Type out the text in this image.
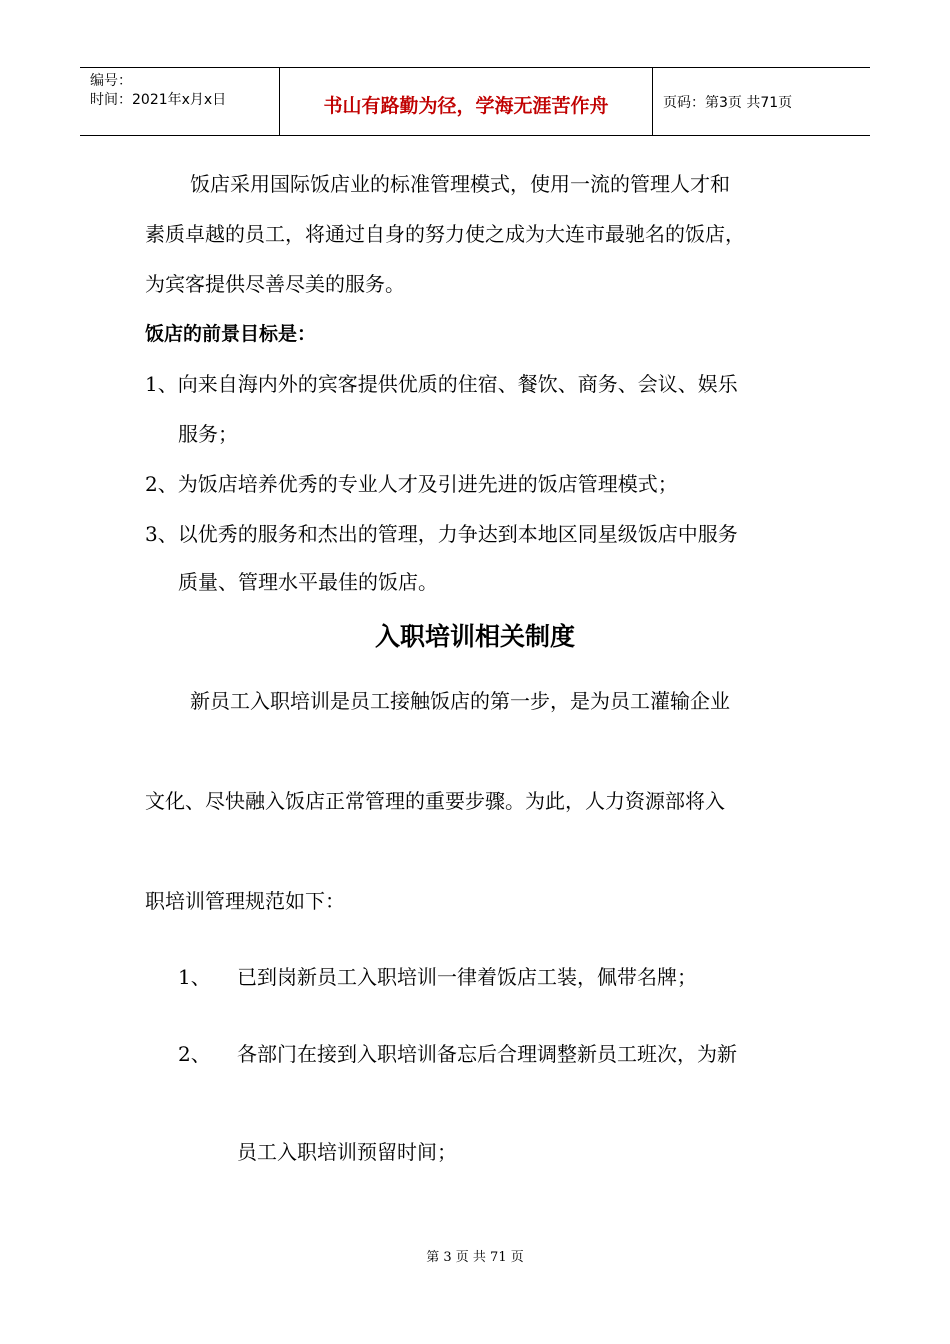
编号：
时间：2021年x月x日	书山有路勤为径，学海无涯苦作舟	页码：第3页 共71页
饭店采用国际饭店业的标准管理模式，使用一流的管理人才和
素质卓越的员工，将通过自身的努力使之成为大连市最驰名的饭店，
为宾客提供尽善尽美的服务。
饭店的前景目标是：
1、向来自海内外的宾客提供优质的住宿、餐饮、商务、会议、娱乐
服务；
2、为饭店培养优秀的专业人才及引进先进的饭店管理模式；
3、以优秀的服务和杰出的管理，力争达到本地区同星级饭店中服务
质量、管理水平最佳的饭店。
入职培训相关制度
新员工入职培训是员工接触饭店的第一步，是为员工灌输企业
文化、尽快融入饭店正常管理的重要步骤。为此，人力资源部将入
职培训管理规范如下：
1、 已到岗新员工入职培训一律着饭店工装，佩带名牌；
2、 各部门在接到入职培训备忘后合理调整新员工班次，为新
员工入职培训预留时间；
第 3 页 共 71 页
